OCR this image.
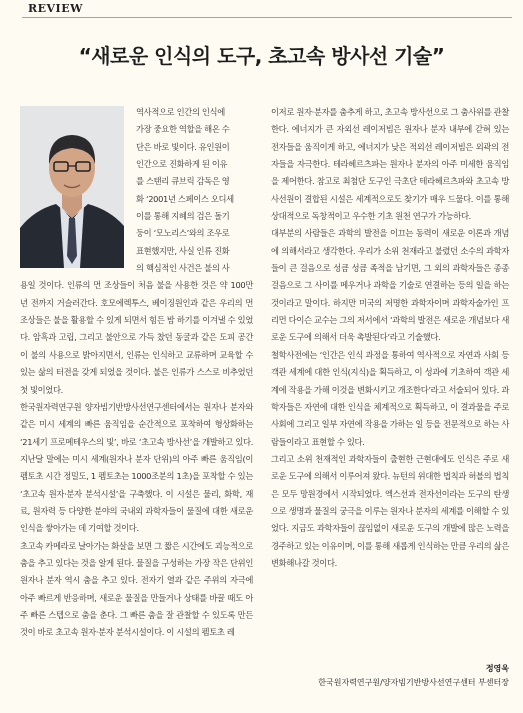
REVIEW
“새로운 인식의 도구, 초고속 방사선 기술”

역사적으로 인간의 인식에

가장 중요한 역할을 해온 수

단은 바로 빛이다. 유인원이

인간으로 진화하게 된 이유

를 스탠리 큐브릭 감독은 영

화 ‘2001년 스페이스 오디세

이를 통해 지혜의 검은 돌기

둥이 ‘모노리스’와의 조우로

표현했지만, 사실 인류 진화

의 핵심적인 사건은 불의 사

용일 것이다. 인류의 먼 조상들이 처음 불을 사용한 것은 약 100만 년 전까지 거슬러간다. 호모에렉투스, 베이징원인과 같은 우리의 먼 조상들은 불을 활용할 수 있게 되면서 힘든 밤 하기를 이겨낼 수 있었다. 암흑과 고립, 그리고 불안으로 가득 찼던 동굴과 같은 도피 공간이 불의 사용으로 밝아지면서, 인류는 인식하고 교류하며 교육할 수 있는 삶의 터전을 갖게 되었을 것이다. 불은 인류가 스스로 비추었던 첫 빛이었다.

한국원자력연구원 양자빔기반방사선연구센터에서는 원자나 분자와 같은 미시 세계의 빠른 움직임을 순간적으로 포착하여 형상화하는 ‘21세기 프로메테우스의 빛’, 바로 ‘초고속 방사선’을 개발하고 있다. 지난달 말에는 미시 세계(원자나 분자 단위)의 아주 빠른 움직임(이 펨토초 시간 정밀도, 1 펨토초는 1000조분의 1초)을 포착할 수 있는 ‘초고속 원자·분자 분석시설’을 구축했다. 이 시설은 물리, 화학, 재료, 원자력 등 다양한 분야의 국내외 과학자들이 물질에 대한 새로운 인식을 쌓아가는 데 기여할 것이다.

초고속 카메라로 날아가는 화살을 보면 그 짧은 시간에도 괴능적으로 춤을 추고 있다는 것을 알게 된다. 물질을 구성하는 가장 작은 단위인 원자나 분자 역시 춤을 추고 있다. 전자기 열과 같은 주위의 자극에 아주 빠르게 반응하며, 새로운 물질을 만들거나 상태를 바꿀 때도 아주 빠른 스텝으로 춤을 춘다. 그 빠른 춤을 잘 관찰할 수 있도록 만든 것이 바로 초고속 원자·분자 분석시설이다. 이 시설의 펨토초 레

이저로 원자·분자를 춤추게 하고, 초고속 방사선으로 그 춤사위를 관찰한다. 에너지가 큰 자외선 레이저빔은 원자나 분자 내부에 갇혀 있는 전자들을 움직이게 하고, 에너지가 낮은 적외선 레이저빔은 외곽의 전자들을 자극한다. 테라헤르츠파는 원자나 분자의 아주 미세한 움직임을 제어한다. 참고로 최첨단 도구인 극초단 테라헤르츠파와 초고속 방사선원이 결합된 시설은 세계적으로도 찾기가 매우 드물다. 이를 통해 상대적으로 독창적이고 우수한 기초 원천 연구가 가능하다.

대부분의 사람들은 과학의 발전을 이끄는 동력이 새로운 이론과 개념에 의해서라고 생각한다. 우리가 소위 천재라고 불렸던 소수의 과학자들이 큰 걸음으로 성큼 성큼 족적을 남기면, 그 외의 과학자들은 종종걸음으로 그 사이를 메우거나 과학을 기술로 연결하는 등의 일을 하는 것이라고 말이다. 하지만 미국의 저명한 과학자이며 과학자술가인 프리먼 다이슨 교수는 그의 저서에서 ‘과학의 발전은 새로운 개념보다 새로운 도구에 의해서 더욱 촉발된다’라고 기술했다.

철학사전에는 ‘인간은 인식 과정을 통하여 역사적으로 자연과 사회 등 객관 세계에 대한 인식(지식)을 획득하고, 이 성과에 기초하여 객관 세계에 작용을 가해 이것을 변화시키고 개조한다’라고 서술되어 있다. 과학자들은 자연에 대한 인식을 체계적으로 획득하고, 이 결과물을 주로 사회에 그리고 일부 자연에 작용을 가하는 일 등을 전문적으로 하는 사람들이라고 표현할 수 있다.

그리고 소위 천재적인 과학자들이 출현한 근현대에도 인식은 주로 새로운 도구에 의해서 이루어져 왔다. 뉴턴의 위대한 법칙과 허블의 법칙은 모두 망원경에서 시작되었다. 엑스선과 전자선이라는 도구의 탄생으로 생명과 물질의 궁극을 이루는 원자나 분자의 세계를 이해할 수 있었다. 지금도 과학자들이 끊임없이 새로운 도구의 개발에 많은 노력을 경주하고 있는 이유이며, 이를 통해 새롭게 인식하는 만큼 우리의 삶은 변화해나갈 것이다.

정영욱
한국원자력연구원/양자빔기반방사선연구센터 부센터장
